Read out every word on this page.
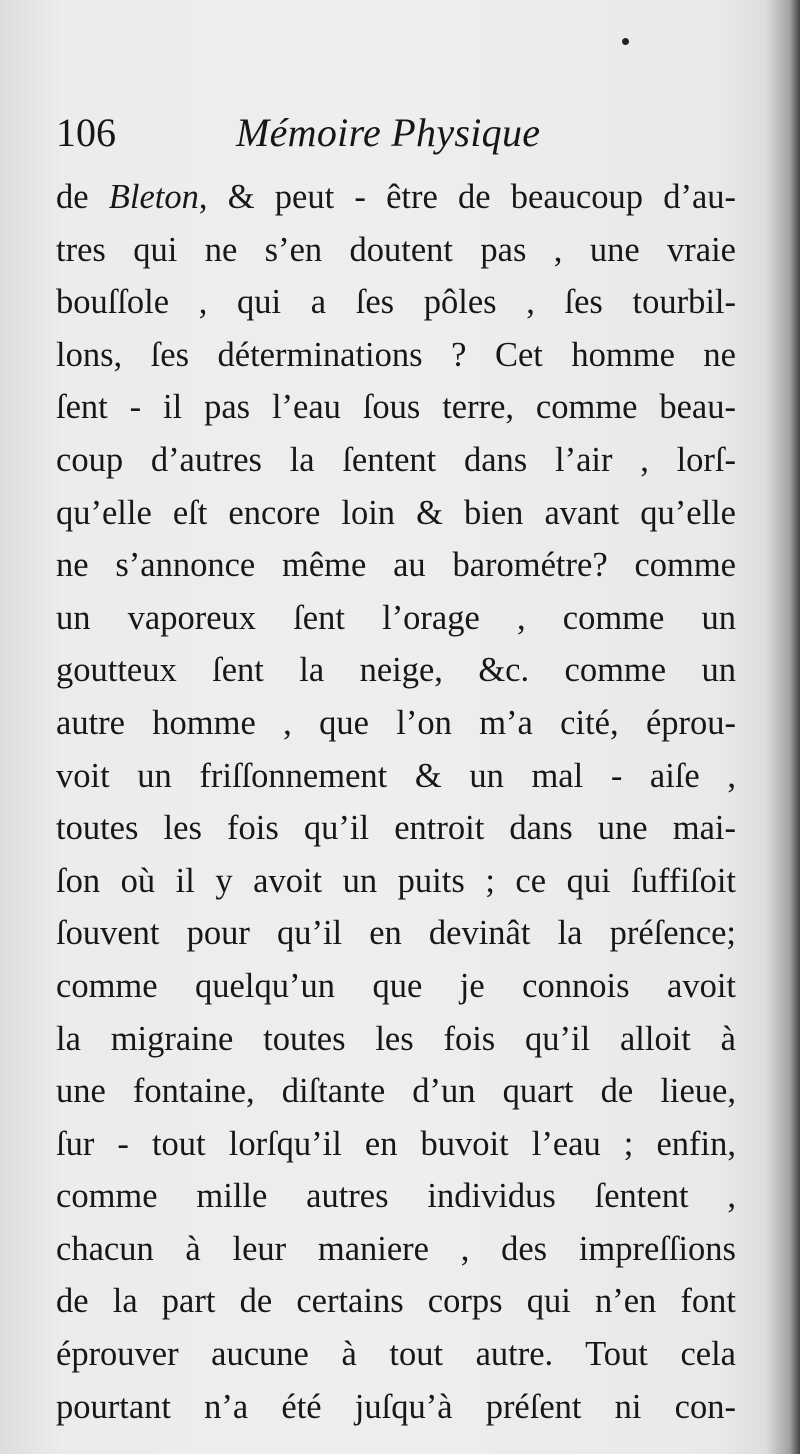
106	Mémoire Physique
de Bleton, & peut - être de beaucoup d’au-
tres qui ne s’en doutent pas , une vraie
bouſſole , qui a ſes pôles , ſes tourbil-
lons, ſes déterminations ? Cet homme ne
ſent - il pas l’eau ſous terre, comme beau-
coup d’autres la ſentent dans l’air , lorſ-
qu’elle eſt encore loin & bien avant qu’elle
ne s’annonce même au barométre? comme
un vaporeux ſent l’orage , comme un
goutteux ſent la neige, &c. comme un
autre homme , que l’on m’a cité, éprou-
voit un friſſonnement & un mal - aiſe ,
toutes les fois qu’il entroit dans une mai-
ſon où il y avoit un puits ; ce qui ſuffiſoit
ſouvent pour qu’il en devinât la préſence;
comme quelqu’un que je connois avoit
la migraine toutes les fois qu’il alloit à
une fontaine, diſtante d’un quart de lieue,
ſur - tout lorſqu’il en buvoit l’eau ; enfin,
comme mille autres individus ſentent ,
chacun à leur maniere , des impreſſions
de la part de certains corps qui n’en font
éprouver aucune à tout autre. Tout cela
pourtant n’a été juſqu’à préſent ni con-
